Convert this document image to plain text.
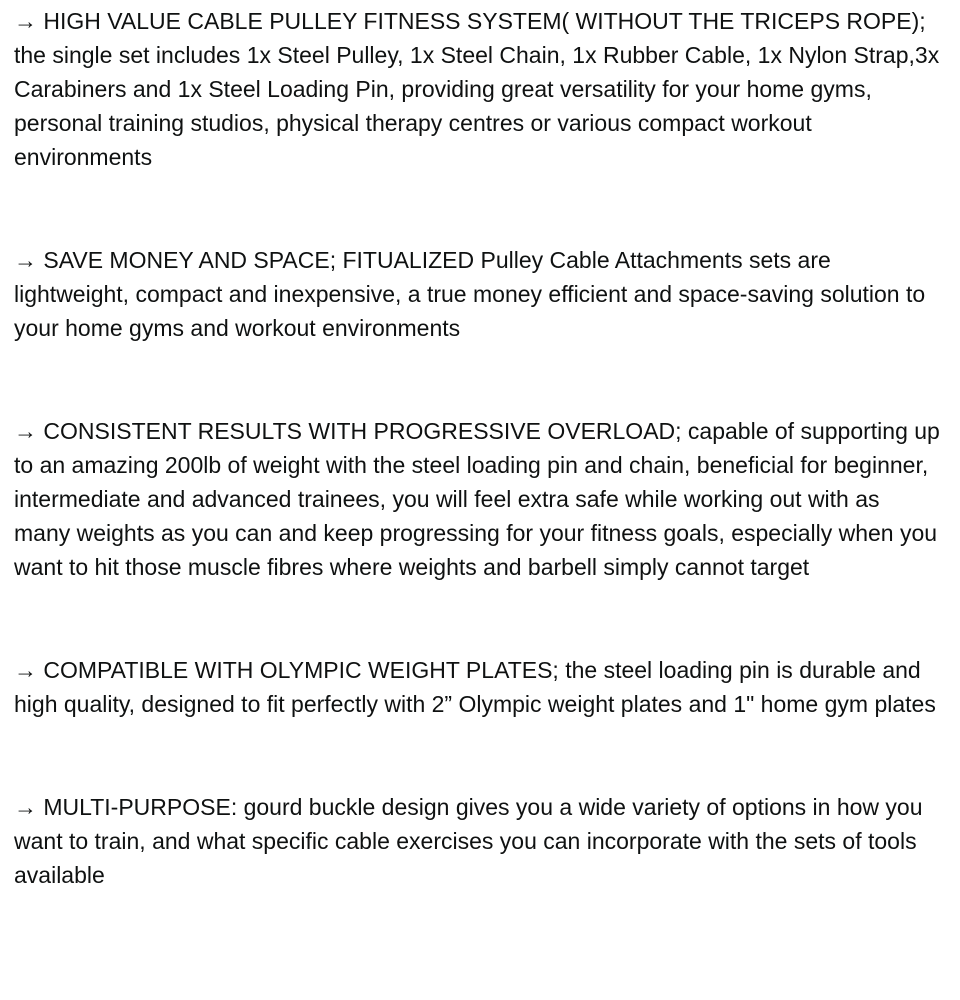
→ HIGH VALUE CABLE PULLEY FITNESS SYSTEM( WITHOUT THE TRICEPS ROPE); the single set includes 1x Steel Pulley, 1x Steel Chain, 1x Rubber Cable, 1x Nylon Strap,3x Carabiners and 1x Steel Loading Pin, providing great versatility for your home gyms, personal training studios, physical therapy centres or various compact workout environments
→ SAVE MONEY AND SPACE; FITUALIZED Pulley Cable Attachments sets are lightweight, compact and inexpensive, a true money efficient and space-saving solution to your home gyms and workout environments
→ CONSISTENT RESULTS WITH PROGRESSIVE OVERLOAD; capable of supporting up to an amazing 200lb of weight with the steel loading pin and chain, beneficial for beginner, intermediate and advanced trainees, you will feel extra safe while working out with as many weights as you can and keep progressing for your fitness goals, especially when you want to hit those muscle fibres where weights and barbell simply cannot target
→ COMPATIBLE WITH OLYMPIC WEIGHT PLATES; the steel loading pin is durable and high quality, designed to fit perfectly with 2” Olympic weight plates and 1" home gym plates
→ MULTI-PURPOSE: gourd buckle design gives you a wide variety of options in how you want to train, and what specific cable exercises you can incorporate with the sets of tools available
